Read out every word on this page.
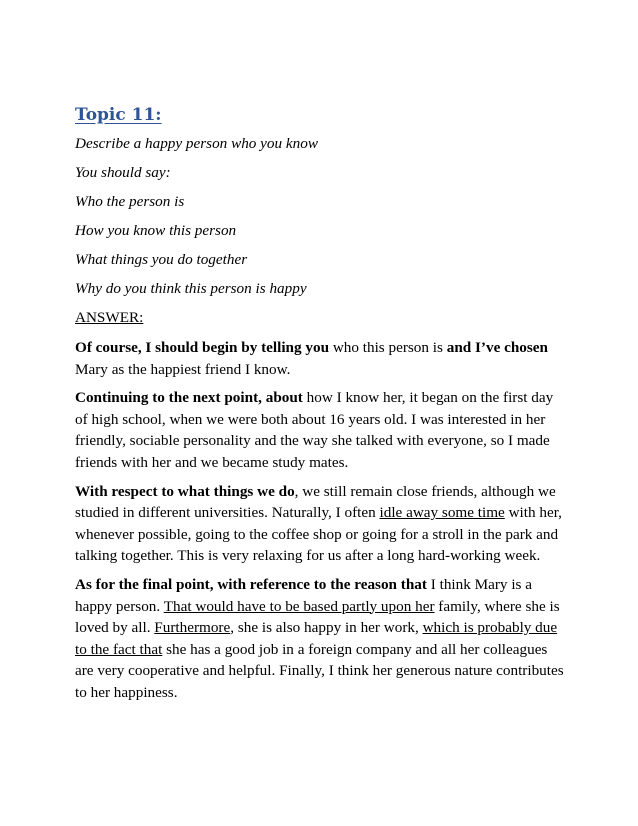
Topic 11:
Describe a happy person who you know
You should say:
Who the person is
How you know this person
What things you do together
Why do you think this person is happy
ANSWER:

Of course, I should begin by telling you who this person is and I’ve chosen Mary as the happiest friend I know.

Continuing to the next point, about how I know her, it began on the first day of high school, when we were both about 16 years old. I was interested in her friendly, sociable personality and the way she talked with everyone, so I made friends with her and we became study mates.

With respect to what things we do, we still remain close friends, although we studied in different universities. Naturally, I often idle away some time with her, whenever possible, going to the coffee shop or going for a stroll in the park and talking together. This is very relaxing for us after a long hard-working week.

As for the final point, with reference to the reason that I think Mary is a happy person. That would have to be based partly upon her family, where she is loved by all. Furthermore, she is also happy in her work, which is probably due to the fact that she has a good job in a foreign company and all her colleagues are very cooperative and helpful. Finally, I think her generous nature contributes to her happiness.
